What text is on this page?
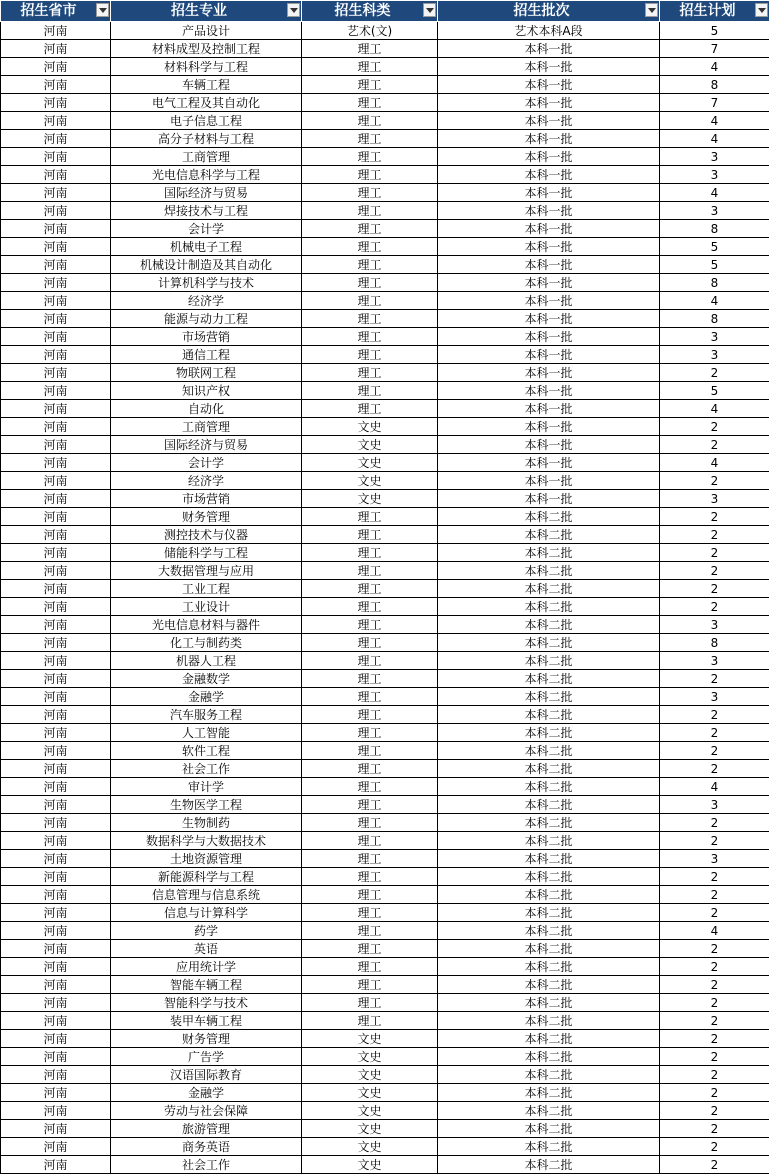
招生省市	招生专业	招生科类	招生批次	招生计划

河南	产品设计	艺术(文)	艺术本科A段	5
河南	材料成型及控制工程	理工	本科一批	7
河南	材料科学与工程	理工	本科一批	4
河南	车辆工程	理工	本科一批	8
河南	电气工程及其自动化	理工	本科一批	7
河南	电子信息工程	理工	本科一批	4
河南	高分子材料与工程	理工	本科一批	4
河南	工商管理	理工	本科一批	3
河南	光电信息科学与工程	理工	本科一批	3
河南	国际经济与贸易	理工	本科一批	4
河南	焊接技术与工程	理工	本科一批	3
河南	会计学	理工	本科一批	8
河南	机械电子工程	理工	本科一批	5
河南	机械设计制造及其自动化	理工	本科一批	5
河南	计算机科学与技术	理工	本科一批	8
河南	经济学	理工	本科一批	4
河南	能源与动力工程	理工	本科一批	8
河南	市场营销	理工	本科一批	3
河南	通信工程	理工	本科一批	3
河南	物联网工程	理工	本科一批	2
河南	知识产权	理工	本科一批	5
河南	自动化	理工	本科一批	4
河南	工商管理	文史	本科一批	2
河南	国际经济与贸易	文史	本科一批	2
河南	会计学	文史	本科一批	4
河南	经济学	文史	本科一批	2
河南	市场营销	文史	本科一批	3
河南	财务管理	理工	本科二批	2
河南	测控技术与仪器	理工	本科二批	2
河南	储能科学与工程	理工	本科二批	2
河南	大数据管理与应用	理工	本科二批	2
河南	工业工程	理工	本科二批	2
河南	工业设计	理工	本科二批	2
河南	光电信息材料与器件	理工	本科二批	3
河南	化工与制药类	理工	本科二批	8
河南	机器人工程	理工	本科二批	3
河南	金融数学	理工	本科二批	2
河南	金融学	理工	本科二批	3
河南	汽车服务工程	理工	本科二批	2
河南	人工智能	理工	本科二批	2
河南	软件工程	理工	本科二批	2
河南	社会工作	理工	本科二批	2
河南	审计学	理工	本科二批	4
河南	生物医学工程	理工	本科二批	3
河南	生物制药	理工	本科二批	2
河南	数据科学与大数据技术	理工	本科二批	2
河南	土地资源管理	理工	本科二批	3
河南	新能源科学与工程	理工	本科二批	2
河南	信息管理与信息系统	理工	本科二批	2
河南	信息与计算科学	理工	本科二批	2
河南	药学	理工	本科二批	4
河南	英语	理工	本科二批	2
河南	应用统计学	理工	本科二批	2
河南	智能车辆工程	理工	本科二批	2
河南	智能科学与技术	理工	本科二批	2
河南	装甲车辆工程	理工	本科二批	2
河南	财务管理	文史	本科二批	2
河南	广告学	文史	本科二批	2
河南	汉语国际教育	文史	本科二批	2
河南	金融学	文史	本科二批	2
河南	劳动与社会保障	文史	本科二批	2
河南	旅游管理	文史	本科二批	2
河南	商务英语	文史	本科二批	2
河南	社会工作	文史	本科二批	2
